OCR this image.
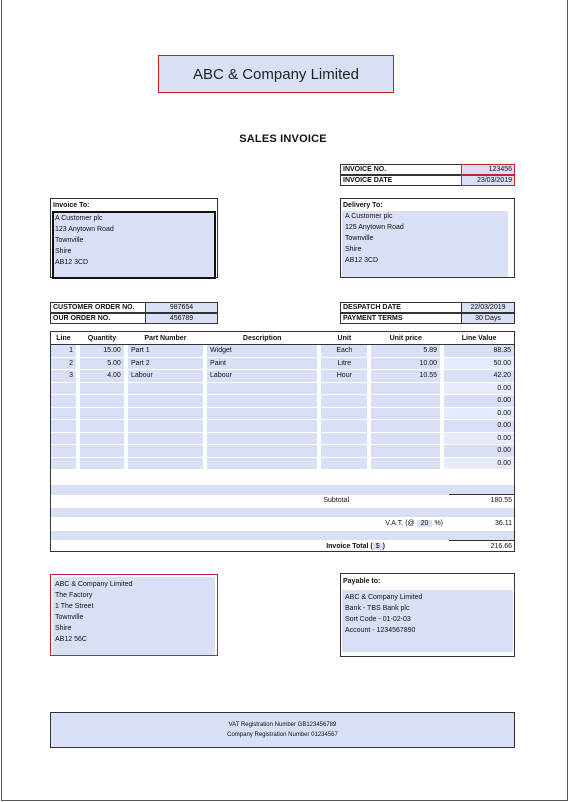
ABC & Company Limited
SALES INVOICE
INVOICE NO.	123456
INVOICE DATE	23/03/2019
Invoice To:
A Customer plc
123 Anytown Road
Townville
Shire
AB12 3CD
Delivery To:
A Customer plc
125 Anytown Road
Townville
Shire
AB12 3CD
CUSTOMER ORDER NO.	987654
OUR ORDER NO.	456789
DESPATCH DATE	22/03/2019
PAYMENT TERMS	30 Days
Line		Quantity		Part Number		Description		Unit		Unit price		Line Value
1		15.00		Part 1		Widget		Each		5.89		88.35
2		5.00		Part 2		Paint		Litre		10.00		50.00
3		4.00		Labour		Labour		Hour		10.55		42.20
												0.00
												0.00
												0.00
												0.00
												0.00
												0.00
												0.00
Subtotal	180.55
V.A.T. (@ 20 %)	36.11
Invoice Total ( $ )	216.66
ABC & Company Limited
The Factory
1 The Street
Townville
Shire
AB12 56C
Payable to:
ABC & Company Limited
Bank - TBS Bank plc
Sort Code - 01-02-03
Account - 1234567890
VAT Registration Number GB123456789
Company Registration Number 01234567
